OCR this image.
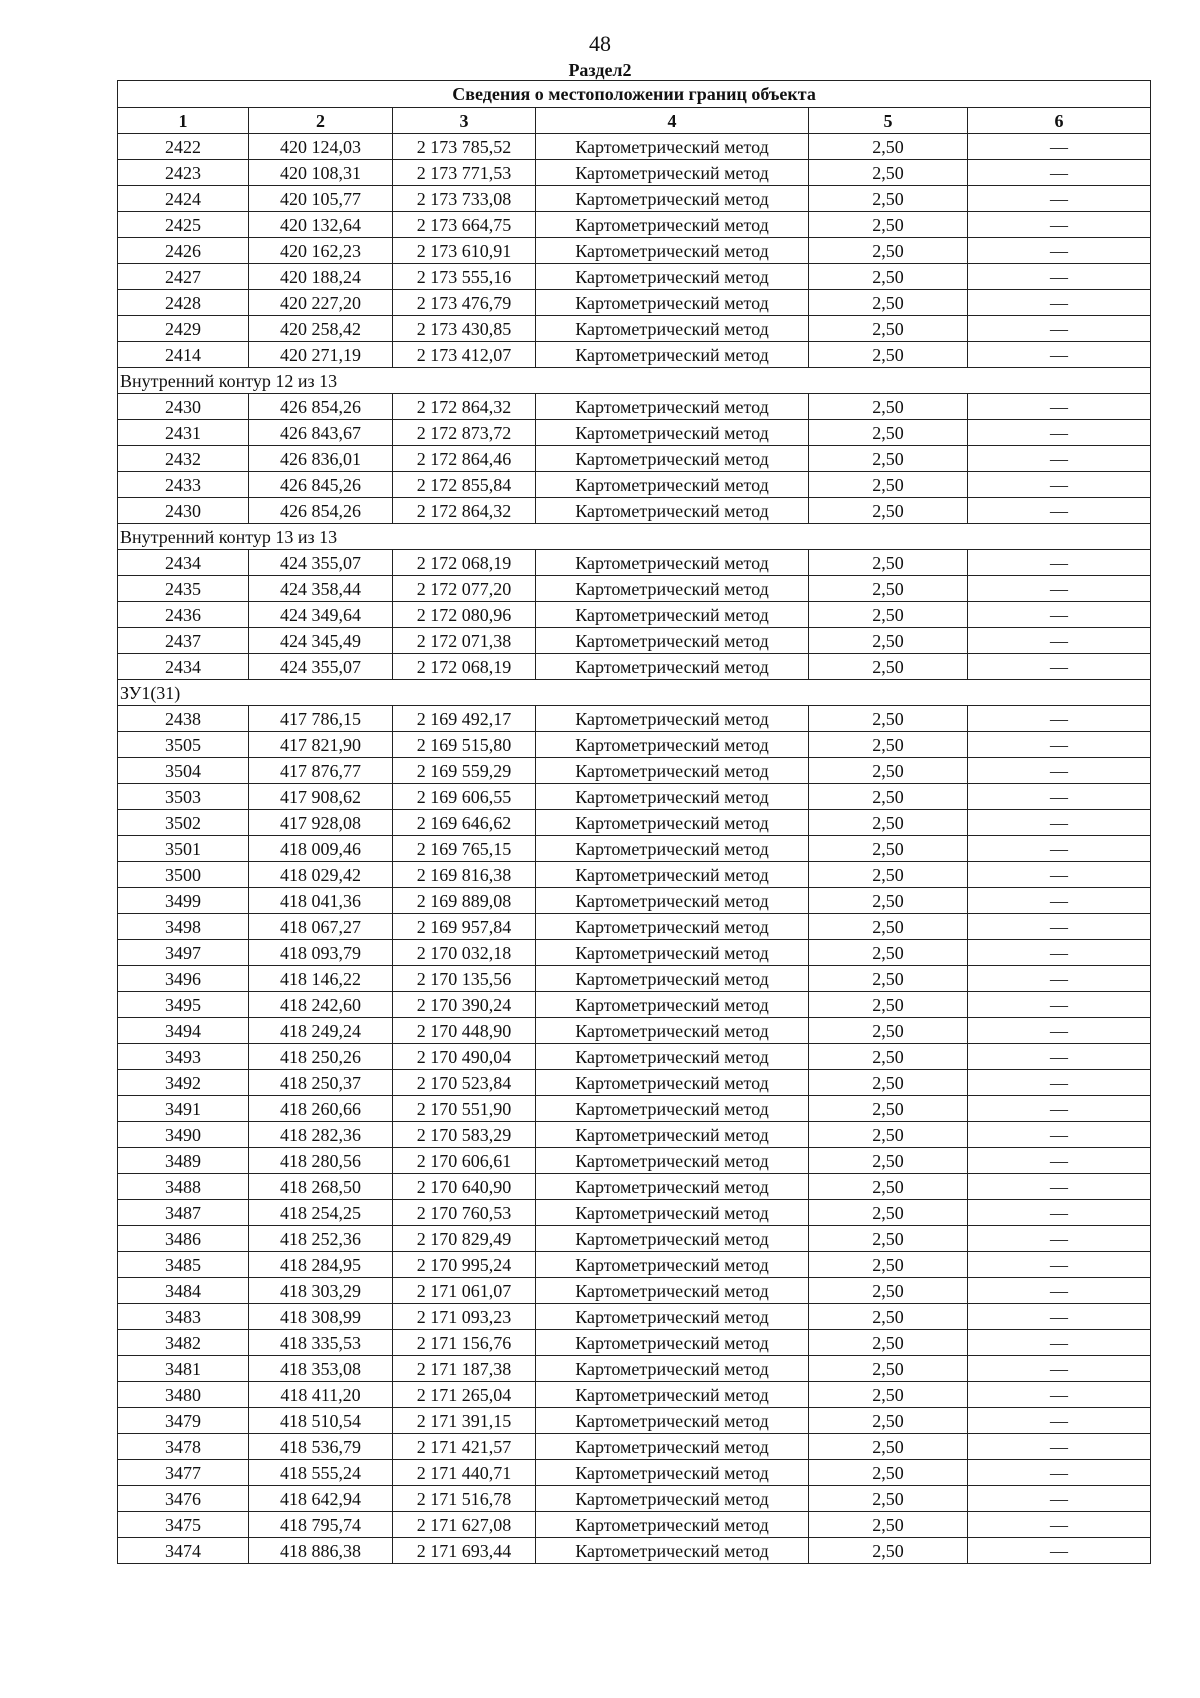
48
Раздел2
Сведения о местоположении границ объекта					
1	2	3	4	5	6
2422	420 124,03	2 173 785,52	Картометрический метод	2,50	—
2423	420 108,31	2 173 771,53	Картометрический метод	2,50	—
2424	420 105,77	2 173 733,08	Картометрический метод	2,50	—
2425	420 132,64	2 173 664,75	Картометрический метод	2,50	—
2426	420 162,23	2 173 610,91	Картометрический метод	2,50	—
2427	420 188,24	2 173 555,16	Картометрический метод	2,50	—
2428	420 227,20	2 173 476,79	Картометрический метод	2,50	—
2429	420 258,42	2 173 430,85	Картометрический метод	2,50	—
2414	420 271,19	2 173 412,07	Картометрический метод	2,50	—
Внутренний контур 12 из 13					
2430	426 854,26	2 172 864,32	Картометрический метод	2,50	—
2431	426 843,67	2 172 873,72	Картометрический метод	2,50	—
2432	426 836,01	2 172 864,46	Картометрический метод	2,50	—
2433	426 845,26	2 172 855,84	Картометрический метод	2,50	—
2430	426 854,26	2 172 864,32	Картометрический метод	2,50	—
Внутренний контур 13 из 13					
2434	424 355,07	2 172 068,19	Картометрический метод	2,50	—
2435	424 358,44	2 172 077,20	Картометрический метод	2,50	—
2436	424 349,64	2 172 080,96	Картометрический метод	2,50	—
2437	424 345,49	2 172 071,38	Картометрический метод	2,50	—
2434	424 355,07	2 172 068,19	Картометрический метод	2,50	—
ЗУ1(31)					
2438	417 786,15	2 169 492,17	Картометрический метод	2,50	—
3505	417 821,90	2 169 515,80	Картометрический метод	2,50	—
3504	417 876,77	2 169 559,29	Картометрический метод	2,50	—
3503	417 908,62	2 169 606,55	Картометрический метод	2,50	—
3502	417 928,08	2 169 646,62	Картометрический метод	2,50	—
3501	418 009,46	2 169 765,15	Картометрический метод	2,50	—
3500	418 029,42	2 169 816,38	Картометрический метод	2,50	—
3499	418 041,36	2 169 889,08	Картометрический метод	2,50	—
3498	418 067,27	2 169 957,84	Картометрический метод	2,50	—
3497	418 093,79	2 170 032,18	Картометрический метод	2,50	—
3496	418 146,22	2 170 135,56	Картометрический метод	2,50	—
3495	418 242,60	2 170 390,24	Картометрический метод	2,50	—
3494	418 249,24	2 170 448,90	Картометрический метод	2,50	—
3493	418 250,26	2 170 490,04	Картометрический метод	2,50	—
3492	418 250,37	2 170 523,84	Картометрический метод	2,50	—
3491	418 260,66	2 170 551,90	Картометрический метод	2,50	—
3490	418 282,36	2 170 583,29	Картометрический метод	2,50	—
3489	418 280,56	2 170 606,61	Картометрический метод	2,50	—
3488	418 268,50	2 170 640,90	Картометрический метод	2,50	—
3487	418 254,25	2 170 760,53	Картометрический метод	2,50	—
3486	418 252,36	2 170 829,49	Картометрический метод	2,50	—
3485	418 284,95	2 170 995,24	Картометрический метод	2,50	—
3484	418 303,29	2 171 061,07	Картометрический метод	2,50	—
3483	418 308,99	2 171 093,23	Картометрический метод	2,50	—
3482	418 335,53	2 171 156,76	Картометрический метод	2,50	—
3481	418 353,08	2 171 187,38	Картометрический метод	2,50	—
3480	418 411,20	2 171 265,04	Картометрический метод	2,50	—
3479	418 510,54	2 171 391,15	Картометрический метод	2,50	—
3478	418 536,79	2 171 421,57	Картометрический метод	2,50	—
3477	418 555,24	2 171 440,71	Картометрический метод	2,50	—
3476	418 642,94	2 171 516,78	Картометрический метод	2,50	—
3475	418 795,74	2 171 627,08	Картометрический метод	2,50	—
3474	418 886,38	2 171 693,44	Картометрический метод	2,50	—
